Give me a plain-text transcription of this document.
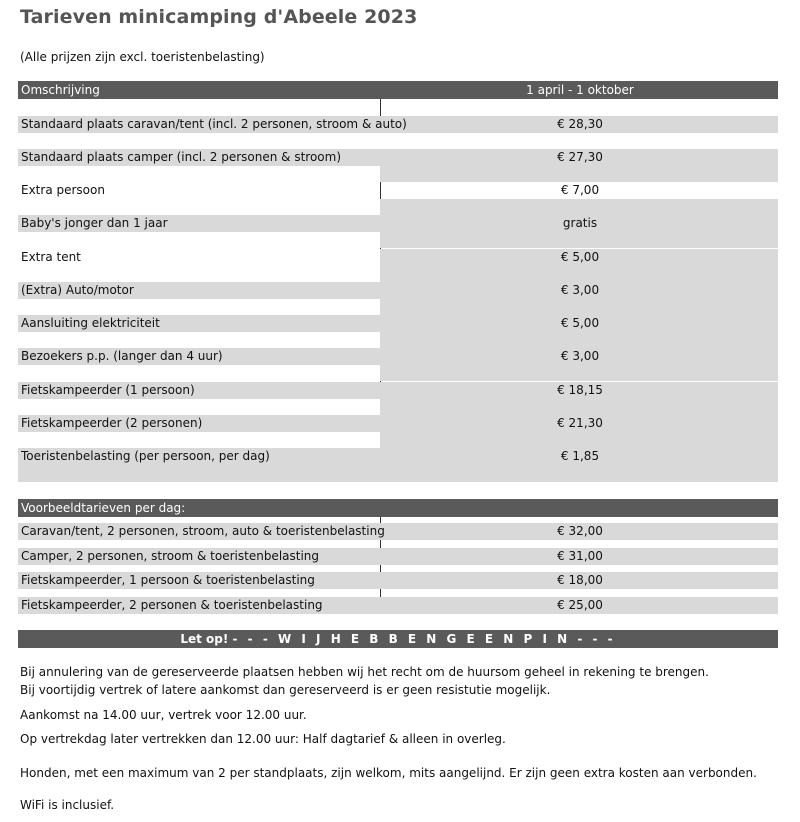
Tarieven minicamping d'Abeele 2023
(Alle prijzen zijn excl. toeristenbelasting)
Omschrijving	1 april - 1 oktober
Standaard plaats caravan/tent (incl. 2 personen, stroom & auto)	€ 28,30
Standaard plaats camper (incl. 2 personen & stroom)	€ 27,30
Extra persoon	€ 7,00
Baby's jonger dan 1 jaar	gratis
Extra tent	€ 5,00
(Extra) Auto/motor	€ 3,00
Aansluiting elektriciteit	€ 5,00
Bezoekers p.p. (langer dan 4 uur)	€ 3,00
Fietskampeerder (1 persoon)	€ 18,15
Fietskampeerder (2 personen)	€ 21,30
Toeristenbelasting (per persoon, per dag)	€ 1,85
Voorbeeldtarieven per dag:
Caravan/tent, 2 personen, stroom, auto & toeristenbelasting	€ 32,00
Camper, 2 personen, stroom & toeristenbelasting	€ 31,00
Fietskampeerder, 1 persoon & toeristenbelasting	€ 18,00
Fietskampeerder, 2 personen & toeristenbelasting	€ 25,00
Let op! - - - W I J H E B B E N G E E N P I N - - -
Bij annulering van de gereserveerde plaatsen hebben wij het recht om de huursom geheel in rekening te brengen.
Bij voortijdig vertrek of latere aankomst dan gereserveerd is er geen resistutie mogelijk.
Aankomst na 14.00 uur, vertrek voor 12.00 uur.
Op vertrekdag later vertrekken dan 12.00 uur: Half dagtarief & alleen in overleg.
Honden, met een maximum van 2 per standplaats, zijn welkom, mits aangelijnd. Er zijn geen extra kosten aan verbonden.
WiFi is inclusief.
